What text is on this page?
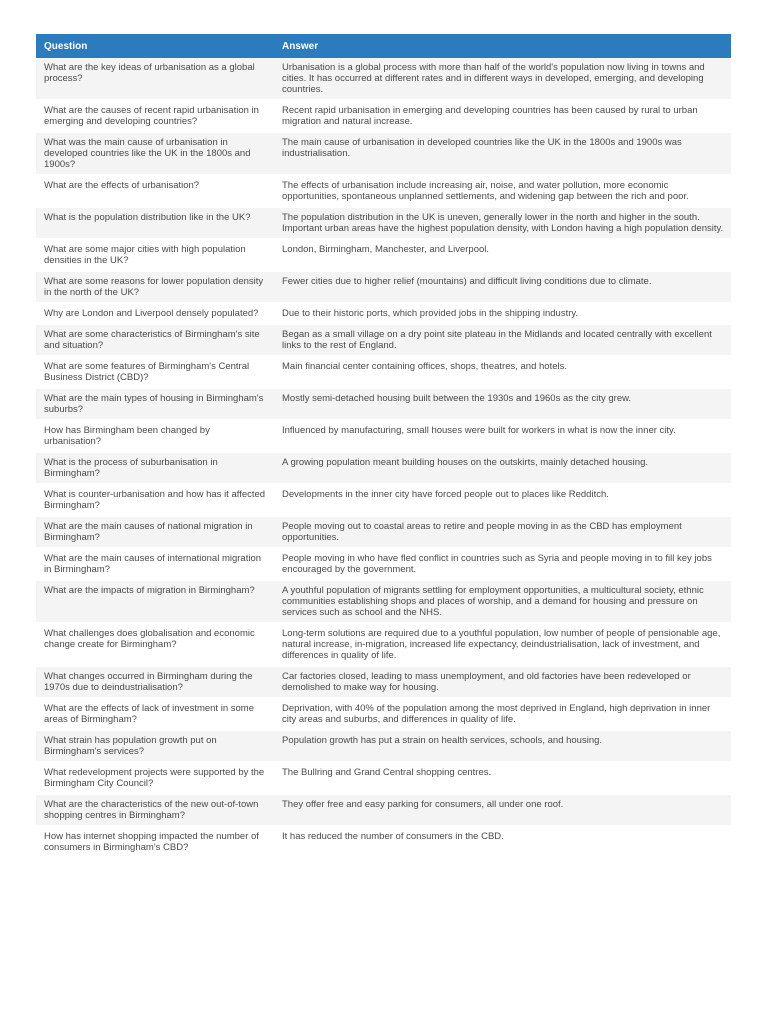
Question	Answer
What are the key ideas of urbanisation as a global process?	Urbanisation is a global process with more than half of the world's population now living in towns and cities. It has occurred at different rates and in different ways in developed, emerging, and developing countries.
What are the causes of recent rapid urbanisation in emerging and developing countries?	Recent rapid urbanisation in emerging and developing countries has been caused by rural to urban migration and natural increase.
What was the main cause of urbanisation in developed countries like the UK in the 1800s and 1900s?	The main cause of urbanisation in developed countries like the UK in the 1800s and 1900s was industrialisation.
What are the effects of urbanisation?	The effects of urbanisation include increasing air, noise, and water pollution, more economic opportunities, spontaneous unplanned settlements, and widening gap between the rich and poor.
What is the population distribution like in the UK?	The population distribution in the UK is uneven, generally lower in the north and higher in the south. Important urban areas have the highest population density, with London having a high population density.
What are some major cities with high population densities in the UK?	London, Birmingham, Manchester, and Liverpool.
What are some reasons for lower population density in the north of the UK?	Fewer cities due to higher relief (mountains) and difficult living conditions due to climate.
Why are London and Liverpool densely populated?	Due to their historic ports, which provided jobs in the shipping industry.
What are some characteristics of Birmingham's site and situation?	Began as a small village on a dry point site plateau in the Midlands and located centrally with excellent links to the rest of England.
What are some features of Birmingham's Central Business District (CBD)?	Main financial center containing offices, shops, theatres, and hotels.
What are the main types of housing in Birmingham's suburbs?	Mostly semi-detached housing built between the 1930s and 1960s as the city grew.
How has Birmingham been changed by urbanisation?	Influenced by manufacturing, small houses were built for workers in what is now the inner city.
What is the process of suburbanisation in Birmingham?	A growing population meant building houses on the outskirts, mainly detached housing.
What is counter-urbanisation and how has it affected Birmingham?	Developments in the inner city have forced people out to places like Redditch.
What are the main causes of national migration in Birmingham?	People moving out to coastal areas to retire and people moving in as the CBD has employment opportunities.
What are the main causes of international migration in Birmingham?	People moving in who have fled conflict in countries such as Syria and people moving in to fill key jobs encouraged by the government.
What are the impacts of migration in Birmingham?	A youthful population of migrants settling for employment opportunities, a multicultural society, ethnic communities establishing shops and places of worship, and a demand for housing and pressure on services such as school and the NHS.
What challenges does globalisation and economic change create for Birmingham?	Long-term solutions are required due to a youthful population, low number of people of pensionable age, natural increase, in-migration, increased life expectancy, deindustrialisation, lack of investment, and differences in quality of life.
What changes occurred in Birmingham during the 1970s due to deindustrialisation?	Car factories closed, leading to mass unemployment, and old factories have been redeveloped or demolished to make way for housing.
What are the effects of lack of investment in some areas of Birmingham?	Deprivation, with 40% of the population among the most deprived in England, high deprivation in inner city areas and suburbs, and differences in quality of life.
What strain has population growth put on Birmingham's services?	Population growth has put a strain on health services, schools, and housing.
What redevelopment projects were supported by the Birmingham City Council?	The Bullring and Grand Central shopping centres.
What are the characteristics of the new out-of-town shopping centres in Birmingham?	They offer free and easy parking for consumers, all under one roof.
How has internet shopping impacted the number of consumers in Birmingham's CBD?	It has reduced the number of consumers in the CBD.
